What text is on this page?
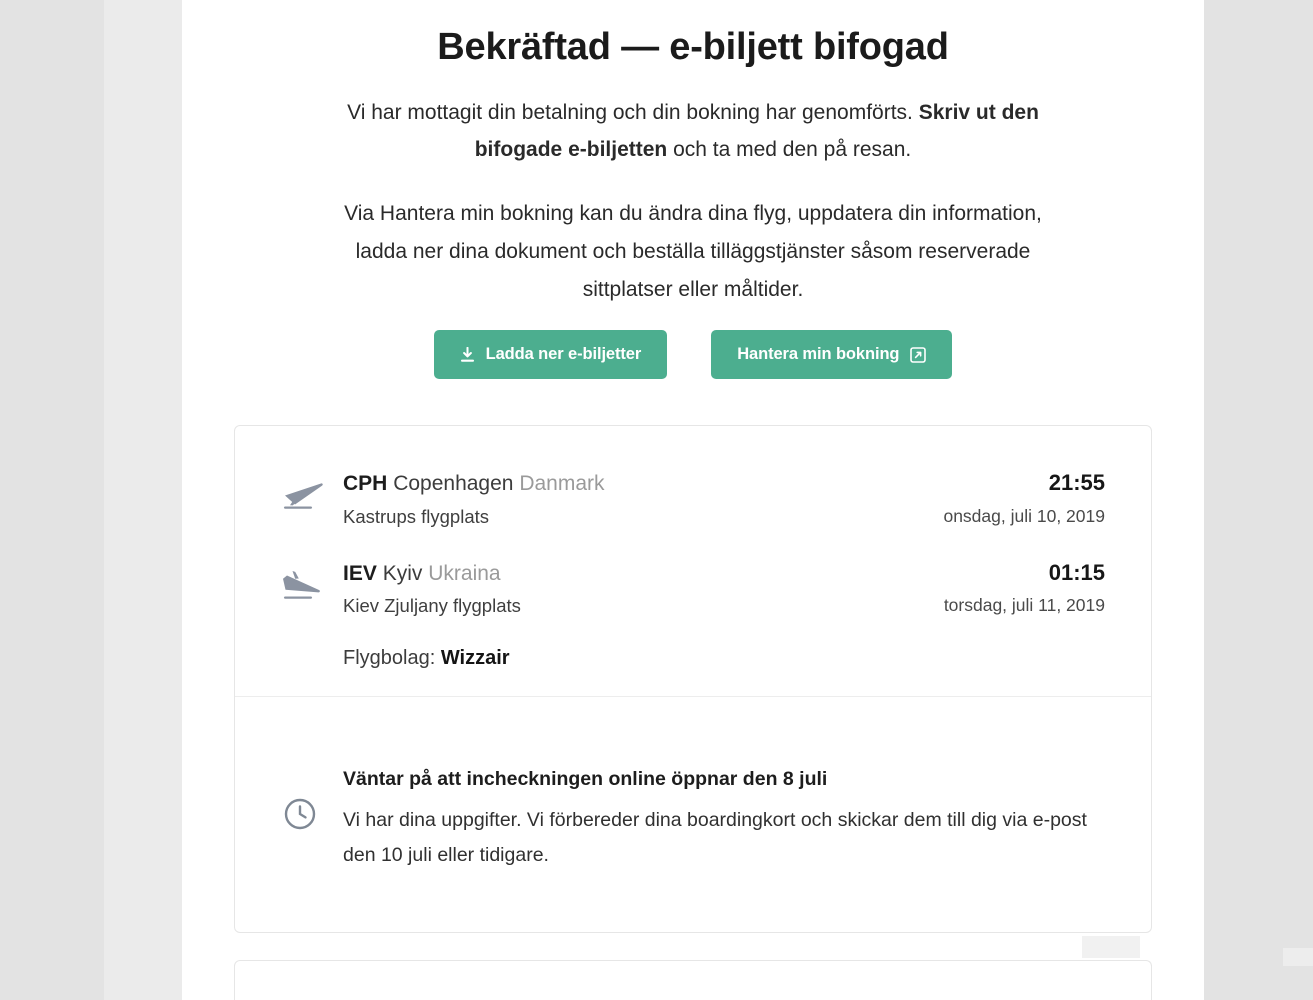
Bekräftad — e-biljett bifogad

Vi har mottagit din betalning och din bokning har genomförts. Skriv ut den bifogade e-biljetten och ta med den på resan.

Via Hantera min bokning kan du ändra dina flyg, uppdatera din information, ladda ner dina dokument och beställa tilläggstjänster såsom reserverade sittplatser eller måltider.

Ladda ner e-biljetter	Hantera min bokning
CPH Copenhagen Danmark
Kastrups flygplats
21:55
onsdag, juli 10, 2019
IEV Kyiv Ukraina
Kiev Zjuljany flygplats
01:15
torsdag, juli 11, 2019
Flygbolag: Wizzair
Väntar på att incheckningen online öppnar den 8 juli
Vi har dina uppgifter. Vi förbereder dina boardingkort och skickar dem till dig via e-post den 10 juli eller tidigare.
